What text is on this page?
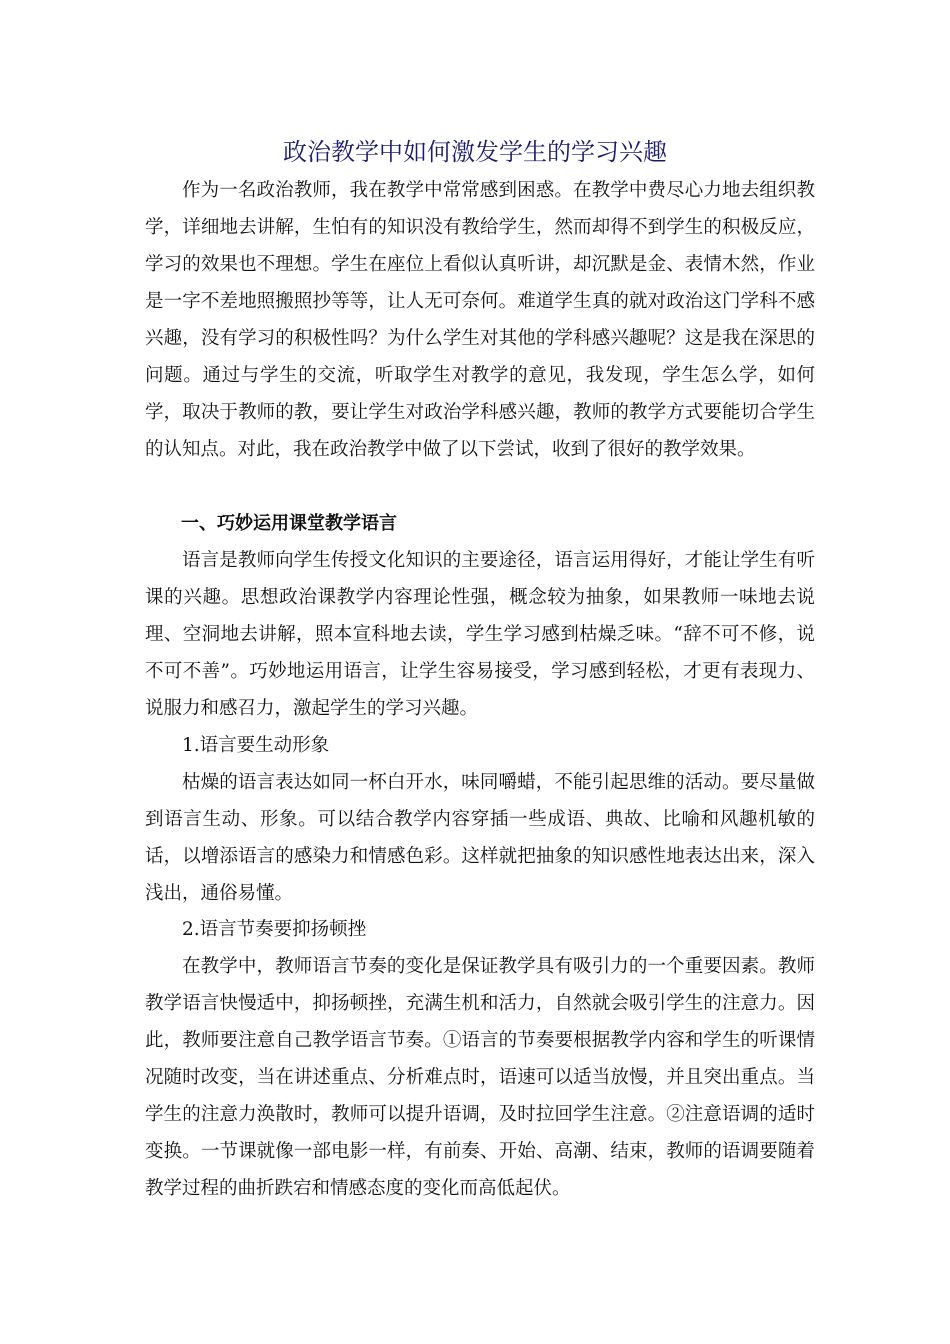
政治教学中如何激发学生的学习兴趣

作为一名政治教师，我在教学中常常感到困惑。在教学中费尽心力地去组织教学，详细地去讲解，生怕有的知识没有教给学生，然而却得不到学生的积极反应，学习的效果也不理想。学生在座位上看似认真听讲，却沉默是金、表情木然，作业是一字不差地照搬照抄等等，让人无可奈何。难道学生真的就对政治这门学科不感兴趣，没有学习的积极性吗？为什么学生对其他的学科感兴趣呢？这是我在深思的问题。通过与学生的交流，听取学生对教学的意见，我发现，学生怎么学，如何学，取决于教师的教，要让学生对政治学科感兴趣，教师的教学方式要能切合学生的认知点。对此，我在政治教学中做了以下尝试，收到了很好的教学效果。

一、巧妙运用课堂教学语言

语言是教师向学生传授文化知识的主要途径，语言运用得好，才能让学生有听课的兴趣。思想政治课教学内容理论性强，概念较为抽象，如果教师一味地去说理、空洞地去讲解，照本宣科地去读，学生学习感到枯燥乏味。“辞不可不修，说不可不善”。巧妙地运用语言，让学生容易接受，学习感到轻松，才更有表现力、说服力和感召力，激起学生的学习兴趣。

1.语言要生动形象

枯燥的语言表达如同一杯白开水，味同嚼蜡，不能引起思维的活动。要尽量做到语言生动、形象。可以结合教学内容穿插一些成语、典故、比喻和风趣机敏的话，以增添语言的感染力和情感色彩。这样就把抽象的知识感性地表达出来，深入浅出，通俗易懂。

2.语言节奏要抑扬顿挫

在教学中，教师语言节奏的变化是保证教学具有吸引力的一个重要因素。教师教学语言快慢适中，抑扬顿挫，充满生机和活力，自然就会吸引学生的注意力。因此，教师要注意自己教学语言节奏。①语言的节奏要根据教学内容和学生的听课情况随时改变，当在讲述重点、分析难点时，语速可以适当放慢，并且突出重点。当学生的注意力涣散时，教师可以提升语调，及时拉回学生注意。②注意语调的适时变换。一节课就像一部电影一样，有前奏、开始、高潮、结束，教师的语调要随着教学过程的曲折跌宕和情感态度的变化而高低起伏。
